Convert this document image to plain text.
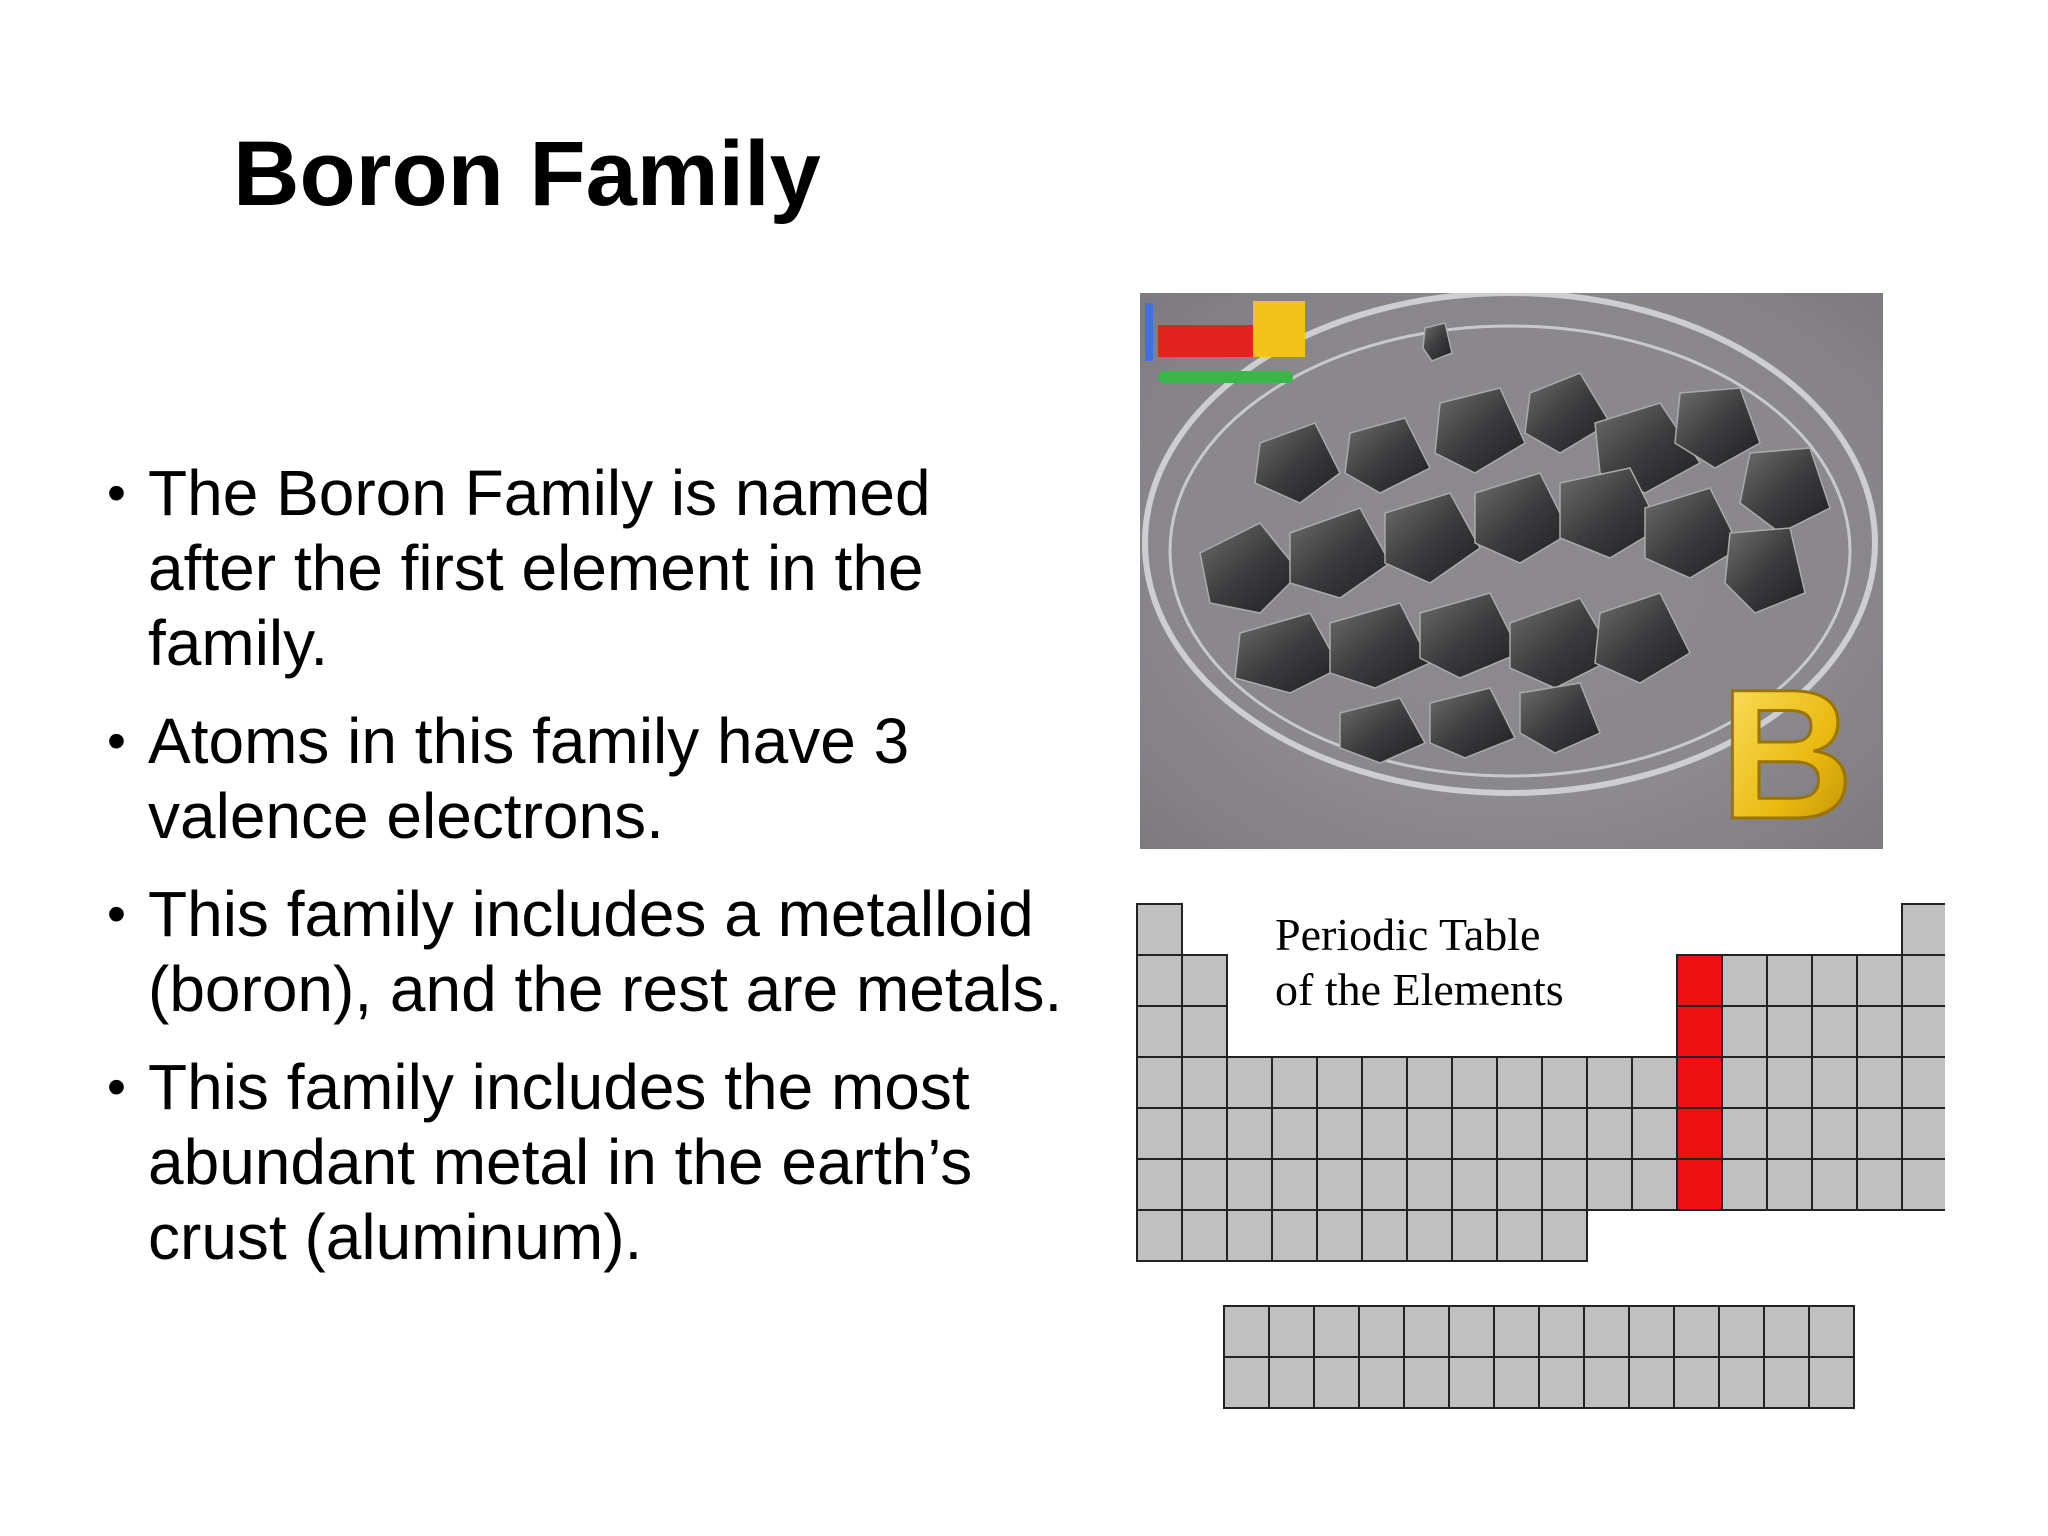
Boron Family
• The Boron Family is named after the first element in the family.
• Atoms in this family have 3 valence electrons.
• This family includes a metalloid (boron), and the rest are metals.
• This family includes the most abundant metal in the earth’s crust (aluminum).
B
Periodic Table
of the Elements
